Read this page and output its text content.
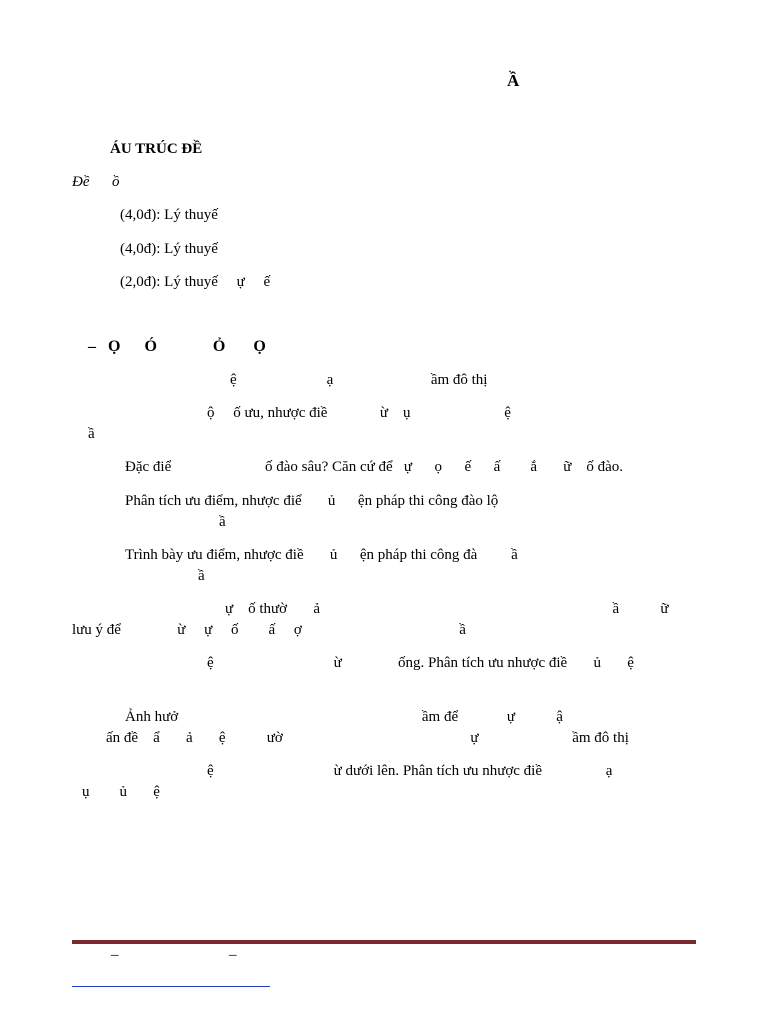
Ầ
ÁU TRÚC ĐỀ
Đề      ồ
(4,0đ): Lý thuyế
(4,0đ): Lý thuyế
(2,0đ): Lý thuyế     ự     ế
–   Ọ      Ó              Ỏ       Ọ
ệ                        ạ                          ầm đô thị
ộ     ố ưu, nhược điề              ừ    ụ                         ệ
ầ
Đặc điể                         ố đào sâu? Căn cứ để   ự      ọ      ế      ấ        ắ       ữ    ố đào.
Phân tích ưu điểm, nhược điể       ủ      ện pháp thi công đào lộ
ầ
Trình bày ưu điểm, nhược điề       ủ      ện pháp thi công đà         ầ
ầ
ự    ố thườ       ả                                                                              ầ           ữ
lưu ý để               ừ     ự     ố        ấ     ợ                                          ầ
ệ                                ừ               ống. Phân tích ưu nhược điề       ủ       ệ
Ảnh hưở                                                                 ầm để             ự           ậ
ấn đề    ẩ       ả       ệ           ườ                                                  ự                         ầm đô thị
ệ                                ừ dưới lên. Phân tích ưu nhược điề                 ạ
ụ        ủ       ệ
–	–
